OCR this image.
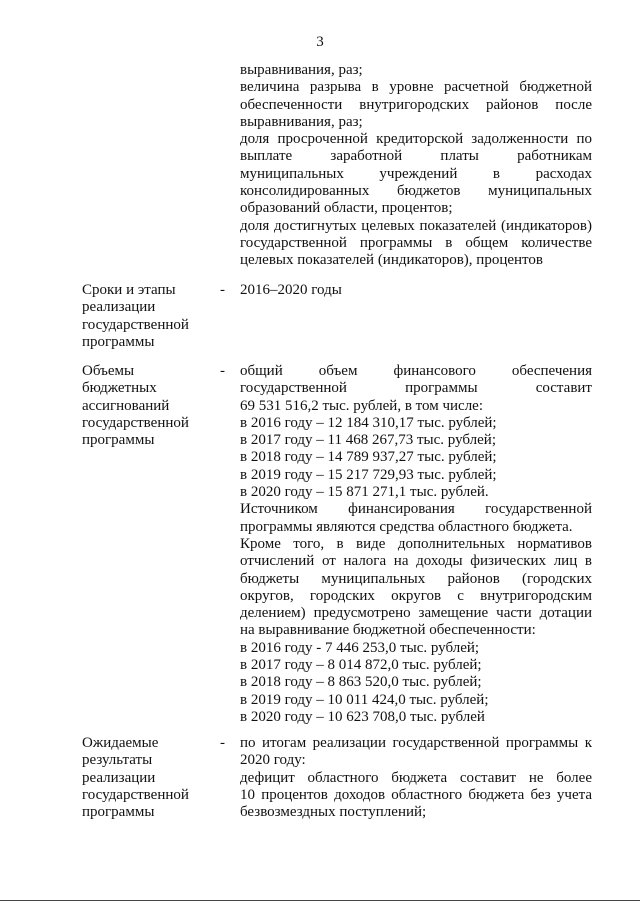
3
выравнивания, раз;
величина разрыва в уровне расчетной бюджетной
обеспеченности внутригородских районов после
выравнивания, раз;
доля просроченной кредиторской задолженности по
выплате заработной платы работникам
муниципальных учреждений в расходах
консолидированных бюджетов муниципальных
образований области, процентов;
доля достигнутых целевых показателей (индикаторов)
государственной программы в общем количестве
целевых показателей (индикаторов), процентов
Сроки и этапы
реализации
государственной
программы
- 2016–2020 годы
Объемы
бюджетных
ассигнований
государственной
программы
- общий объем финансового обеспечения
государственной программы составит
69 531 516,2 тыс. рублей, в том числе:
в 2016 году – 12 184 310,17 тыс. рублей;
в 2017 году – 11 468 267,73 тыс. рублей;
в 2018 году – 14 789 937,27 тыс. рублей;
в 2019 году – 15 217 729,93 тыс. рублей;
в 2020 году – 15 871 271,1 тыс. рублей.
Источником финансирования государственной
программы являются средства областного бюджета.
Кроме того, в виде дополнительных нормативов
отчислений от налога на доходы физических лиц в
бюджеты муниципальных районов (городских
округов, городских округов с внутригородским
делением) предусмотрено замещение части дотации
на выравнивание бюджетной обеспеченности:
в 2016 году - 7 446 253,0 тыс. рублей;
в 2017 году – 8 014 872,0 тыс. рублей;
в 2018 году – 8 863 520,0 тыс. рублей;
в 2019 году – 10 011 424,0 тыс. рублей;
в 2020 году – 10 623 708,0 тыс. рублей
Ожидаемые
результаты
реализации
государственной
программы
- по итогам реализации государственной программы к
2020 году:
дефицит областного бюджета составит не более
10 процентов доходов областного бюджета без учета
безвозмездных поступлений;
